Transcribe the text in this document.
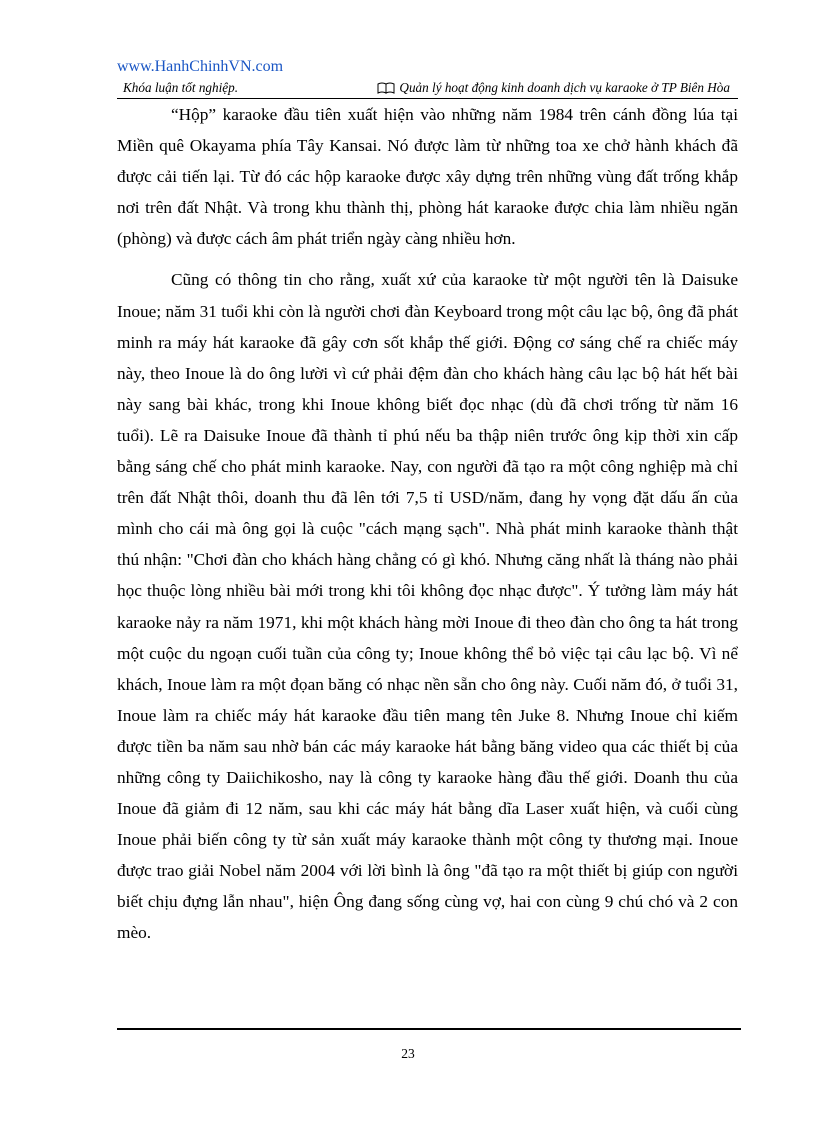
www.HanhChinhVN.com
Khóa luận tốt nghiệp.	Quản lý hoạt động kinh doanh dịch vụ karaoke ở TP Biên Hòa

“Hộp” karaoke đầu tiên xuất hiện vào những năm 1984 trên cánh đồng lúa tại Miền quê Okayama phía Tây Kansai. Nó được làm từ những toa xe chở hành khách đã được cải tiến lại. Từ đó các hộp karaoke được xây dựng trên những vùng đất trống khắp nơi trên đất Nhật. Và trong khu thành thị, phòng hát karaoke được chia làm nhiều ngăn (phòng) và được cách âm phát triển ngày càng nhiều hơn.

Cũng có thông tin cho rằng, xuất xứ của karaoke từ một người tên là Daisuke Inoue; năm 31 tuổi khi còn là người chơi đàn Keyboard trong một câu lạc bộ, ông đã phát minh ra máy hát karaoke đã gây cơn sốt khắp thế giới. Động cơ sáng chế ra chiếc máy này, theo Inoue là do ông lười vì cứ phải đệm đàn cho khách hàng câu lạc bộ hát hết bài này sang bài khác, trong khi Inoue không biết đọc nhạc (dù đã chơi trống từ năm 16 tuổi). Lẽ ra Daisuke Inoue đã thành tỉ phú nếu ba thập niên trước ông kịp thời xin cấp bằng sáng chế cho phát minh karaoke. Nay, con người đã tạo ra một công nghiệp mà chỉ trên đất Nhật thôi, doanh thu đã lên tới 7,5 tỉ USD/năm, đang hy vọng đặt dấu ấn của mình cho cái mà ông gọi là cuộc "cách mạng sạch". Nhà phát minh karaoke thành thật thú nhận: "Chơi đàn cho khách hàng chẳng có gì khó. Nhưng căng nhất là tháng nào phải học thuộc lòng nhiều bài mới trong khi tôi không đọc nhạc được". Ý tưởng làm máy hát karaoke nảy ra năm 1971, khi một khách hàng mời Inoue đi theo đàn cho ông ta hát trong một cuộc du ngoạn cuối tuần của công ty; Inoue không thể bỏ việc tại câu lạc bộ. Vì nể khách, Inoue làm ra một đọan băng có nhạc nền sẵn cho ông này. Cuối năm đó, ở tuổi 31, Inoue làm ra chiếc máy hát karaoke đầu tiên mang tên Juke 8. Nhưng Inoue chỉ kiếm được tiền ba năm sau nhờ bán các máy karaoke hát bằng băng video qua các thiết bị của những công ty Daiichikosho, nay là công ty karaoke hàng đầu thế giới. Doanh thu của Inoue đã giảm đi 12 năm, sau khi các máy hát bằng dĩa Laser xuất hiện, và cuối cùng Inoue phải biến công ty từ sản xuất máy karaoke thành một công ty thương mại. Inoue được trao giải Nobel năm 2004 với lời bình là ông "đã tạo ra một thiết bị giúp con người biết chịu đựng lẫn nhau", hiện Ông đang sống cùng vợ, hai con cùng 9 chú chó và 2 con mèo.

23
